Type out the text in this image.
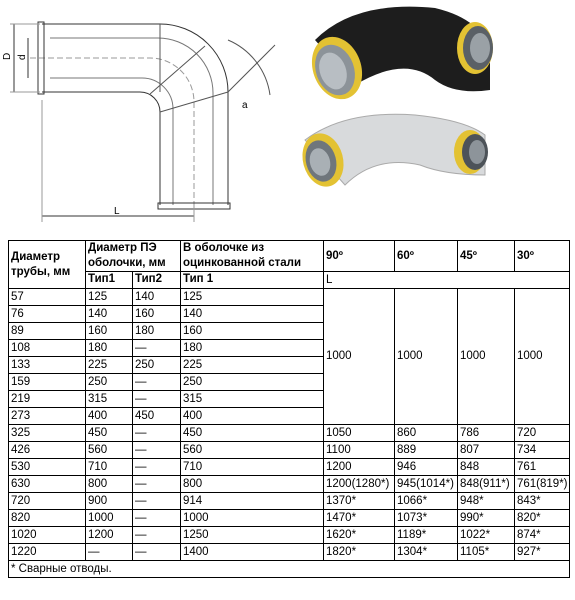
D d
L
a
Диаметр трубы, мм	Диаметр ПЭ оболочки, мм		В оболочке из оцинкованной стали	90º	60º	45º	30º
	Тип1	Тип2	Тип 1	L			
57	125	140	125	1000	1000	1000	1000
76	140	160	140				
89	160	180	160				
108	180	—	180				
133	225	250	225				
159	250	—	250				
219	315	—	315				
273	400	450	400				
325	450	—	450	1050	860	786	720
426	560	—	560	1100	889	807	734
530	710	—	710	1200	946	848	761
630	800	—	800	1200(1280*)	945(1014*)	848(911*)	761(819*)
720	900	—	914	1370*	1066*	948*	843*
820	1000	—	1000	1470*	1073*	990*	820*
1020	1200	—	1250	1620*	1189*	1022*	874*
1220	—	—	1400	1820*	1304*	1105*	927*
* Сварные отводы.							
